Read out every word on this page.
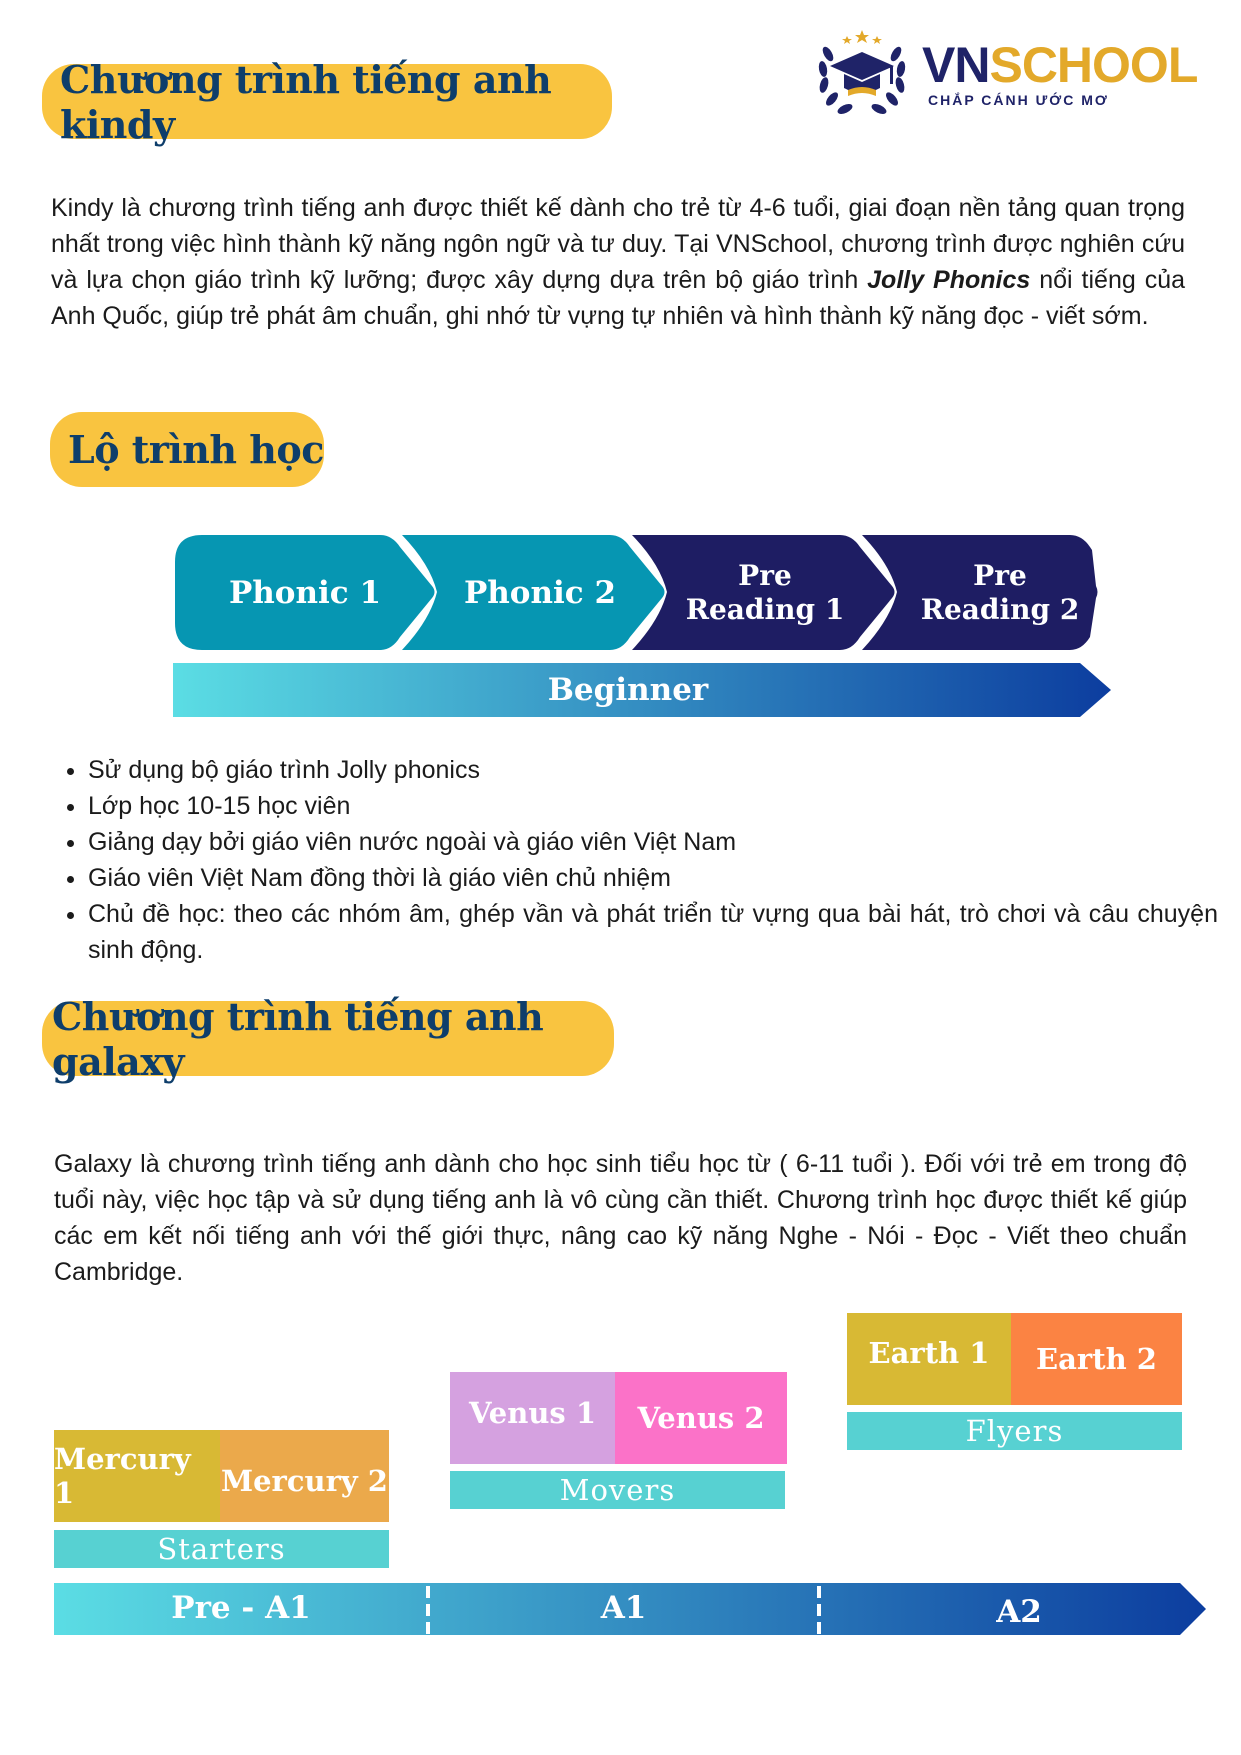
VNSCHOOL
CHẮP CÁNH ƯỚC MƠ
Chương trình tiếng anh kindy
Kindy là chương trình tiếng anh được thiết kế dành cho trẻ từ 4-6 tuổi, giai đoạn nền tảng quan trọng nhất trong việc hình thành kỹ năng ngôn ngữ và tư duy. Tại VNSchool, chương trình được nghiên cứu và lựa chọn giáo trình kỹ lưỡng; được xây dựng dựa trên bộ giáo trình Jolly Phonics nổi tiếng của Anh Quốc, giúp trẻ phát âm chuẩn, ghi nhớ từ vựng tự nhiên và hình thành kỹ năng đọc - viết sớm.
Lộ trình học
Phonic 1	Phonic 2	Pre
Reading 1
Pre
Reading 2
Beginner
• Sử dụng bộ giáo trình Jolly phonics
• Lớp học 10-15 học viên
• Giảng dạy bởi giáo viên nước ngoài và giáo viên Việt Nam
• Giáo viên Việt Nam đồng thời là giáo viên chủ nhiệm
• Chủ đề học: theo các nhóm âm, ghép vần và phát triển từ vựng qua bài hát, trò chơi và câu chuyện sinh động.
Chương trình tiếng anh galaxy
Galaxy là chương trình tiếng anh dành cho học sinh tiểu học từ ( 6-11 tuổi ). Đối với trẻ em trong độ tuổi này, việc học tập và sử dụng tiếng anh là vô cùng cần thiết. Chương trình học được thiết kế giúp các em kết nối tiếng anh với thế giới thực, nâng cao kỹ năng Nghe - Nói - Đọc - Viết theo chuẩn Cambridge.
Mercury 1	Mercury 2
Starters
Venus 1	Venus 2
Movers
Earth 1	Earth 2
Flyers
Pre - A1	A1	A2
